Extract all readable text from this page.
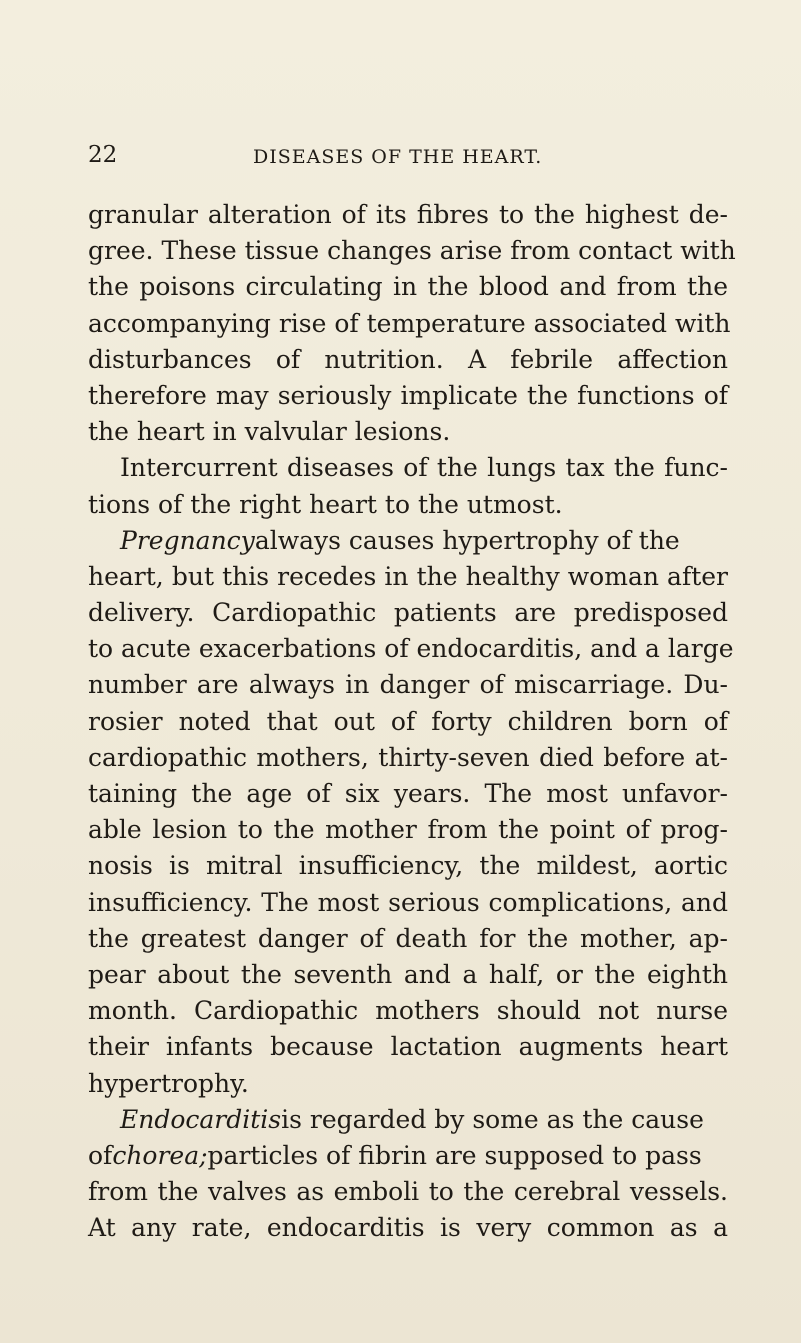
22	DISEASES OF THE HEART.
granular alteration of its fibres to the highest de-
gree. These tissue changes arise from contact with
the poisons circulating in the blood and from the
accompanying rise of temperature associated with
disturbances of nutrition. A febrile affection
therefore may seriously implicate the functions of
the heart in valvular lesions.
Intercurrent diseases of the lungs tax the func-
tions of the right heart to the utmost.
Pregnancyalways causes hypertrophy of the
heart, but this recedes in the healthy woman after
delivery. Cardiopathic patients are predisposed
to acute exacerbations of endocarditis, and a large
number are always in danger of miscarriage. Du-
rosier noted that out of forty children born of
cardiopathic mothers, thirty-seven died before at-
taining the age of six years. The most unfavor-
able lesion to the mother from the point of prog-
nosis is mitral insufficiency, the mildest, aortic
insufficiency. The most serious complications, and
the greatest danger of death for the mother, ap-
pear about the seventh and a half, or the eighth
month. Cardiopathic mothers should not nurse
their infants because lactation augments heart
hypertrophy.
Endocarditisis regarded by some as the cause
ofchorea;particles of fibrin are supposed to pass
from the valves as emboli to the cerebral vessels.
At any rate, endocarditis is very common as a
